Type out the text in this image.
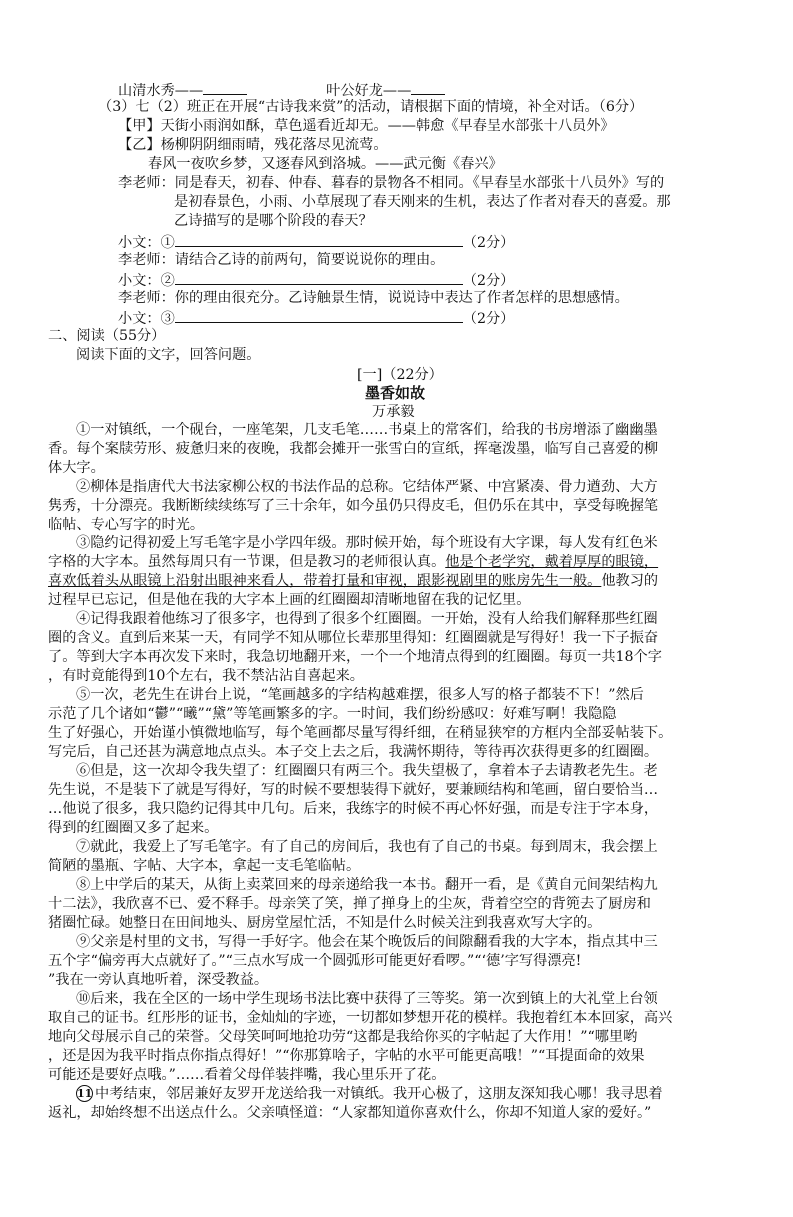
山清水秀——	叶公好龙——
（3）七（2）班正在开展“古诗我来赏”的活动，请根据下面的情境，补全对话。（6分）
【甲】天街小雨润如酥，草色遥看近却无。——韩愈《早春呈水部张十八员外》
【乙】杨柳阴阴细雨晴，残花落尽见流莺。
春风一夜吹乡梦，又逐春风到洛城。——武元衡《春兴》
李老师：同是春天，初春、仲春、暮春的景物各不相同。《早春呈水部张十八员外》写的
是初春景色，小雨、小草展现了春天刚来的生机，表达了作者对春天的喜爱。那
乙诗描写的是哪个阶段的春天？
小文：①	（2分）
李老师：请结合乙诗的前两句，简要说说你的理由。
小文：②	（2分）
李老师：你的理由很充分。乙诗触景生情，说说诗中表达了作者怎样的思想感情。
小文：③	（2分）
二、阅读（55分）
阅读下面的文字，回答问题。
[一]（22分）
墨香如故
万承毅
①一对镇纸，一个砚台，一座笔架，几支毛笔……书桌上的常客们，给我的书房增添了幽幽墨
香。每个案牍劳形、疲惫归来的夜晚，我都会摊开一张雪白的宣纸，挥毫泼墨，临写自己喜爱的柳
体大字。
②柳体是指唐代大书法家柳公权的书法作品的总称。它结体严紧、中宫紧凑、骨力遒劲、大方
隽秀，十分漂亮。我断断续续练写了三十余年，如今虽仍只得皮毛，但仍乐在其中，享受每晚握笔
临帖、专心写字的时光。
③隐约记得初爱上写毛笔字是小学四年级。那时候开始，每个班设有大字课，每人发有红色米
字格的大字本。虽然每周只有一节课，但是教习的老师很认真。他是个老学究，戴着厚厚的眼镜，
喜欢低着头从眼镜上沿射出眼神来看人，带着打量和审视，跟影视剧里的账房先生一般。他教习的
过程早已忘记，但是他在我的大字本上画的红圈圈却清晰地留在我的记忆里。
④记得我跟着他练习了很多字，也得到了很多个红圈圈。一开始，没有人给我们解释那些红圈
圈的含义。直到后来某一天，有同学不知从哪位长辈那里得知：红圈圈就是写得好！我一下子振奋
了。等到大字本再次发下来时，我急切地翻开来，一个一个地清点得到的红圈圈。每页一共18个字
，有时竟能得到10个左右，我不禁沾沾自喜起来。
⑤一次，老先生在讲台上说，“笔画越多的字结构越难摆，很多人写的格子都装不下！”然后
示范了几个诸如“鬱”“曦”“黛”等笔画繁多的字。一时间，我们纷纷感叹：好难写啊！我隐隐
生了好强心，开始谨小慎微地临写，每个笔画都尽量写得纤细，在稍显狭窄的方框内全部妥帖装下。
写完后，自己还甚为满意地点点头。本子交上去之后，我满怀期待，等待再次获得更多的红圈圈。
⑥但是，这一次却令我失望了：红圈圈只有两三个。我失望极了，拿着本子去请教老先生。老
先生说，不是装下了就是写得好，写的时候不要想装得下就好，要兼顾结构和笔画，留白要恰当…
…他说了很多，我只隐约记得其中几句。后来，我练字的时候不再心怀好强，而是专注于字本身，
得到的红圈圈又多了起来。
⑦就此，我爱上了写毛笔字。有了自己的房间后，我也有了自己的书桌。每到周末，我会摆上
简陋的墨瓶、字帖、大字本，拿起一支毛笔临帖。
⑧上中学后的某天，从街上卖菜回来的母亲递给我一本书。翻开一看，是《黄自元间架结构九
十二法》，我欣喜不已、爱不释手。母亲笑了笑，掸了掸身上的尘灰，背着空空的背篼去了厨房和
猪圈忙碌。她整日在田间地头、厨房堂屋忙活，不知是什么时候关注到我喜欢写大字的。
⑨父亲是村里的文书，写得一手好字。他会在某个晚饭后的间隙翻看我的大字本，指点其中三
五个字“偏旁再大点就好了。”“三点水写成一个圆弧形可能更好看啰。”“‘德’字写得漂亮!
”我在一旁认真地听着，深受教益。
⑩后来，我在全区的一场中学生现场书法比赛中获得了三等奖。第一次到镇上的大礼堂上台领
取自己的证书。红彤彤的证书，金灿灿的字迹，一切都如梦想开花的模样。我抱着红本本回家，高兴
地向父母展示自己的荣誉。父母笑呵呵地抢功劳“这都是我给你买的字帖起了大作用！”“哪里哟
，还是因为我平时指点你指点得好！”“你那算啥子，字帖的水平可能更高哦！”“耳提面命的效果
可能还是要好点哦。”……看着父母佯装拌嘴，我心里乐开了花。
11 中考结束，邻居兼好友罗开龙送给我一对镇纸。我开心极了，这朋友深知我心哪！我寻思着
返礼，却始终想不出送点什么。父亲嗔怪道：“人家都知道你喜欢什么，你却不知道人家的爱好。”
